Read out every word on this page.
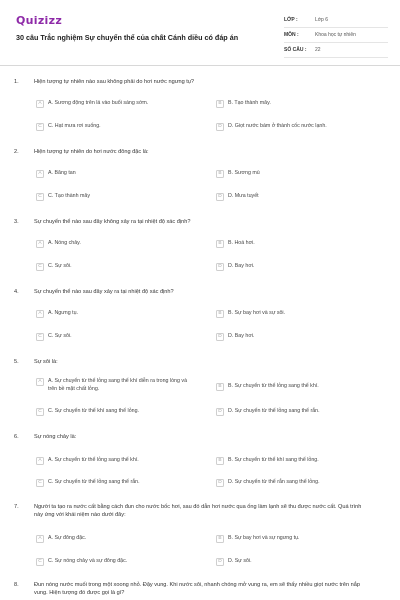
Quizizz
30 câu Trắc nghiệm Sự chuyển thể của chất Cánh diều có đáp án
LỚP :	Lớp 6
MÔN :	Khoa học tự nhiên
SỐ CÂU :	22
1.	Hiện tượng tự nhiên nào sau không phải do hơi nước ngưng tụ?
A	A. Sương động trên lá vào buổi sáng sớm.	B	B. Tạo thành mây.
C	C. Hạt mưa rơi xuống.	D	D. Giọt nước bám ở thành cốc nước lạnh.
2.	Hiện tượng tự nhiên do hơi nước đông đặc là:
A	A. Băng tan	B	B. Sương mù
C	C. Tạo thành mây	D	D. Mưa tuyết
3.	Sự chuyển thể nào sau đây không xảy ra tại nhiệt độ xác định?
A	A. Nóng chảy.	B	B. Hoá hơi.
C	C. Sự sôi.	D	D. Bay hơi.
4.	Sự chuyển thể nào sau đây xảy ra tại nhiệt độ xác định?
A	A. Ngưng tụ.	B	B. Sự bay hơi và sự sôi.
C	C. Sự sôi.	D	D. Bay hơi.
5.	Sự sôi là:
A	A. Sự chuyển từ thể lỏng sang thể khí diễn ra trong lòng và trên bề mặt chất lỏng.	B	B. Sự chuyển từ thể lỏng sang thể khí.
C	C. Sự chuyển từ thể khí sang thể lỏng.	D	D. Sự chuyển từ thể lỏng sang thể rắn.
6.	Sự nóng chảy là:
A	A. Sự chuyển từ thể lỏng sang thể khí.	B	B. Sự chuyển từ thể khí sang thể lỏng.
C	C. Sự chuyển từ thể lỏng sang thể rắn.	D	D. Sự chuyển từ thể rắn sang thể lỏng.
7.	Người ta tạo ra nước cất bằng cách đun cho nước bốc hơi, sau đó dẫn hơi nước qua ống làm lạnh sẽ thu được nước cất. Quá trình này ứng với khái niệm nào dưới đây:
A	A. Sự đông đặc.	B	B. Sự bay hơi và sự ngưng tụ.
C	C. Sự nóng chảy và sự đông đặc.	D	D. Sự sôi.
8.	Đun nóng nước muối trong một xoong nhỏ. Đậy vung. Khi nước sôi, nhanh chóng mở vung ra, em sẽ thấy nhiều giọt nước trên nắp vung. Hiện tượng đó được gọi là gì?
